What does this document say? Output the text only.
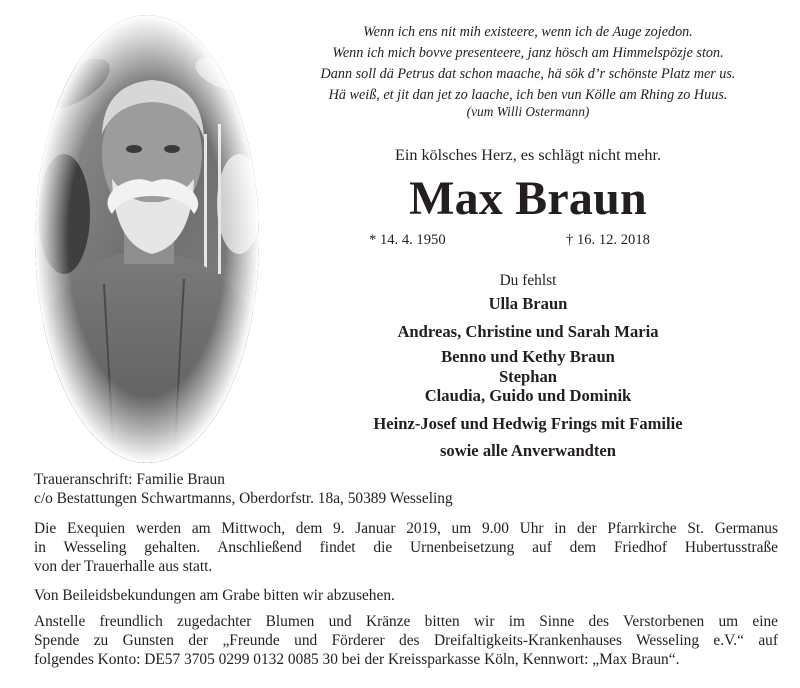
Wenn ich ens nit mih existeere, wenn ich de Auge zojedon.
Wenn ich mich bovve presenteere, janz hösch am Himmelspözje ston.
Dann soll dä Petrus dat schon maache, hä sök d’r schönste Platz mer us.
Hä weiß, et jit dan jet zo laache, ich ben vun Kölle am Rhing zo Huus.
(vum Willi Ostermann)
Ein kölsches Herz, es schlägt nicht mehr.
Max Braun
* 14. 4. 1950	† 16. 12. 2018
Du fehlst
Ulla Braun
Andreas, Christine und Sarah Maria
Benno und Kethy Braun
Stephan
Claudia, Guido und Dominik
Heinz-Josef und Hedwig Frings mit Familie
sowie alle Anverwandten
Traueranschrift: Familie Braun
c/o Bestattungen Schwartmanns, Oberdorfstr. 18a, 50389 Wesseling
Die Exequien werden am Mittwoch, dem 9. Januar 2019, um 9.00 Uhr in der Pfarrkirche St. Germanus
in Wesseling gehalten. Anschließend findet die Urnenbeisetzung auf dem Friedhof Hubertusstraße
von der Trauerhalle aus statt.
Von Beileidsbekundungen am Grabe bitten wir abzusehen.
Anstelle freundlich zugedachter Blumen und Kränze bitten wir im Sinne des Verstorbenen um eine
Spende zu Gunsten der „Freunde und Förderer des Dreifaltigkeits-Krankenhauses Wesseling e.V.“ auf
folgendes Konto: DE57 3705 0299 0132 0085 30 bei der Kreissparkasse Köln, Kennwort: „Max Braun“.
